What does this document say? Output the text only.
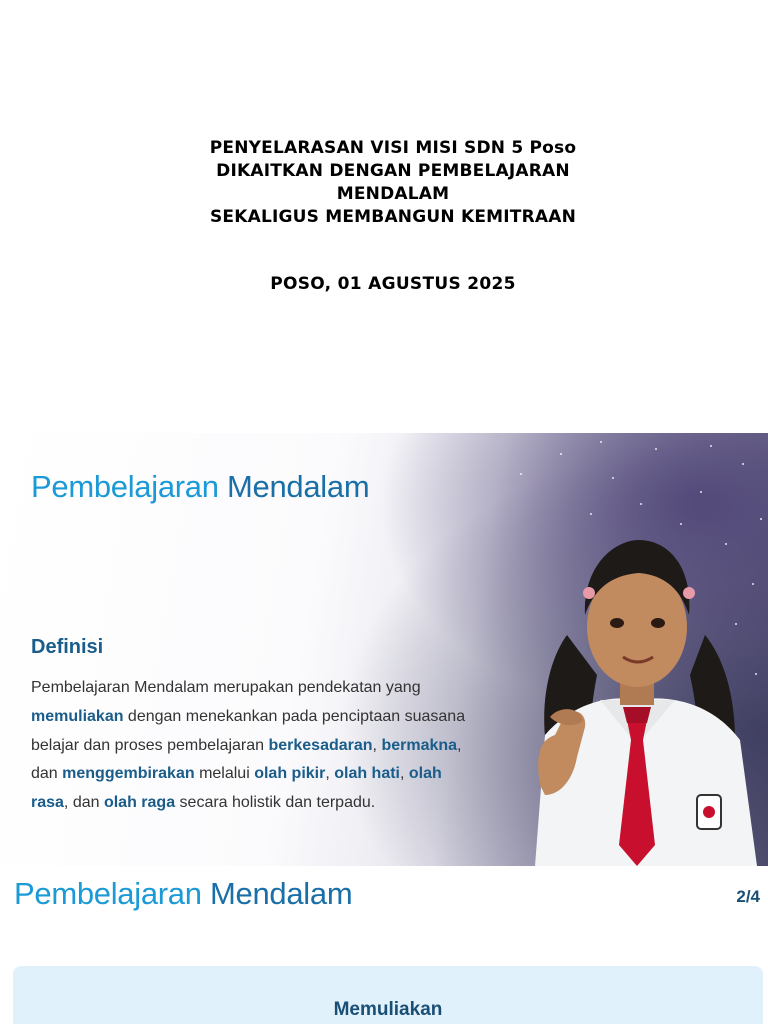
PENYELARASAN VISI MISI SDN 5 Poso
DIKAITKAN DENGAN PEMBELAJARAN
MENDALAM
SEKALIGUS MEMBANGUN KEMITRAAN
POSO, 01 AGUSTUS 2025
Pembelajaran Mendalam
Definisi

Pembelajaran Mendalam merupakan pendekatan yang memuliakan dengan menekankan pada penciptaan suasana belajar dan proses pembelajaran berkesadaran, bermakna, dan menggembirakan melalui olah pikir, olah hati, olah rasa, dan olah raga secara holistik dan terpadu.

Pembelajaran Mendalam	2/4
Memuliakan
